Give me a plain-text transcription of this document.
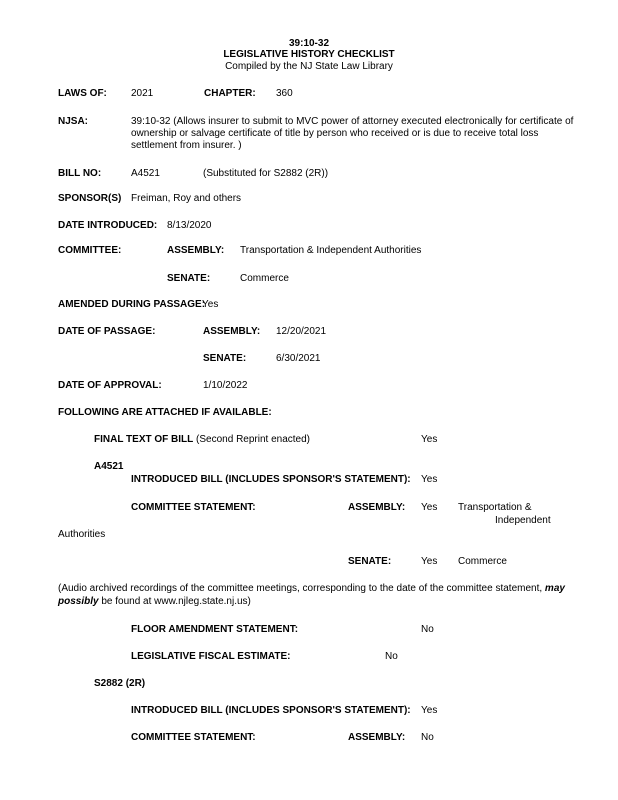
39:10-32
LEGISLATIVE HISTORY CHECKLIST
Compiled by the NJ State Law Library
LAWS OF: 2021	CHAPTER: 360
NJSA:	39:10-32 (Allows insurer to submit to MVC power of attorney executed electronically for certificate of
ownership or salvage certificate of title by person who received or is due to receive total loss
settlement from insurer. )
BILL NO:	A4521	(Substituted for S2882 (2R))
SPONSOR(S) Freiman, Roy and others
DATE INTRODUCED: 8/13/2020
COMMITTEE:	ASSEMBLY: Transportation & Independent Authorities
SENATE:	Commerce
AMENDED DURING PASSAGE:
Yes
DATE OF PASSAGE:	ASSEMBLY: 12/20/2021
SENATE:	6/30/2021
DATE OF APPROVAL:	1/10/2022
FOLLOWING ARE ATTACHED IF AVAILABLE:
FINAL TEXT OF BILL (Second Reprint enacted)	Yes
A4521
INTRODUCED BILL (INCLUDES SPONSOR'S STATEMENT): Yes
COMMITTEE STATEMENT:	ASSEMBLY: Yes Transportation &
Independent
Authorities
SENATE:	Yes Commerce
(Audio archived recordings of the committee meetings, corresponding to the date of the committee statement, may
possibly be found at www.njleg.state.nj.us)
FLOOR AMENDMENT STATEMENT:	No
LEGISLATIVE FISCAL ESTIMATE:	No
S2882 (2R)
INTRODUCED BILL (INCLUDES SPONSOR'S STATEMENT): Yes
COMMITTEE STATEMENT:	ASSEMBLY: No
